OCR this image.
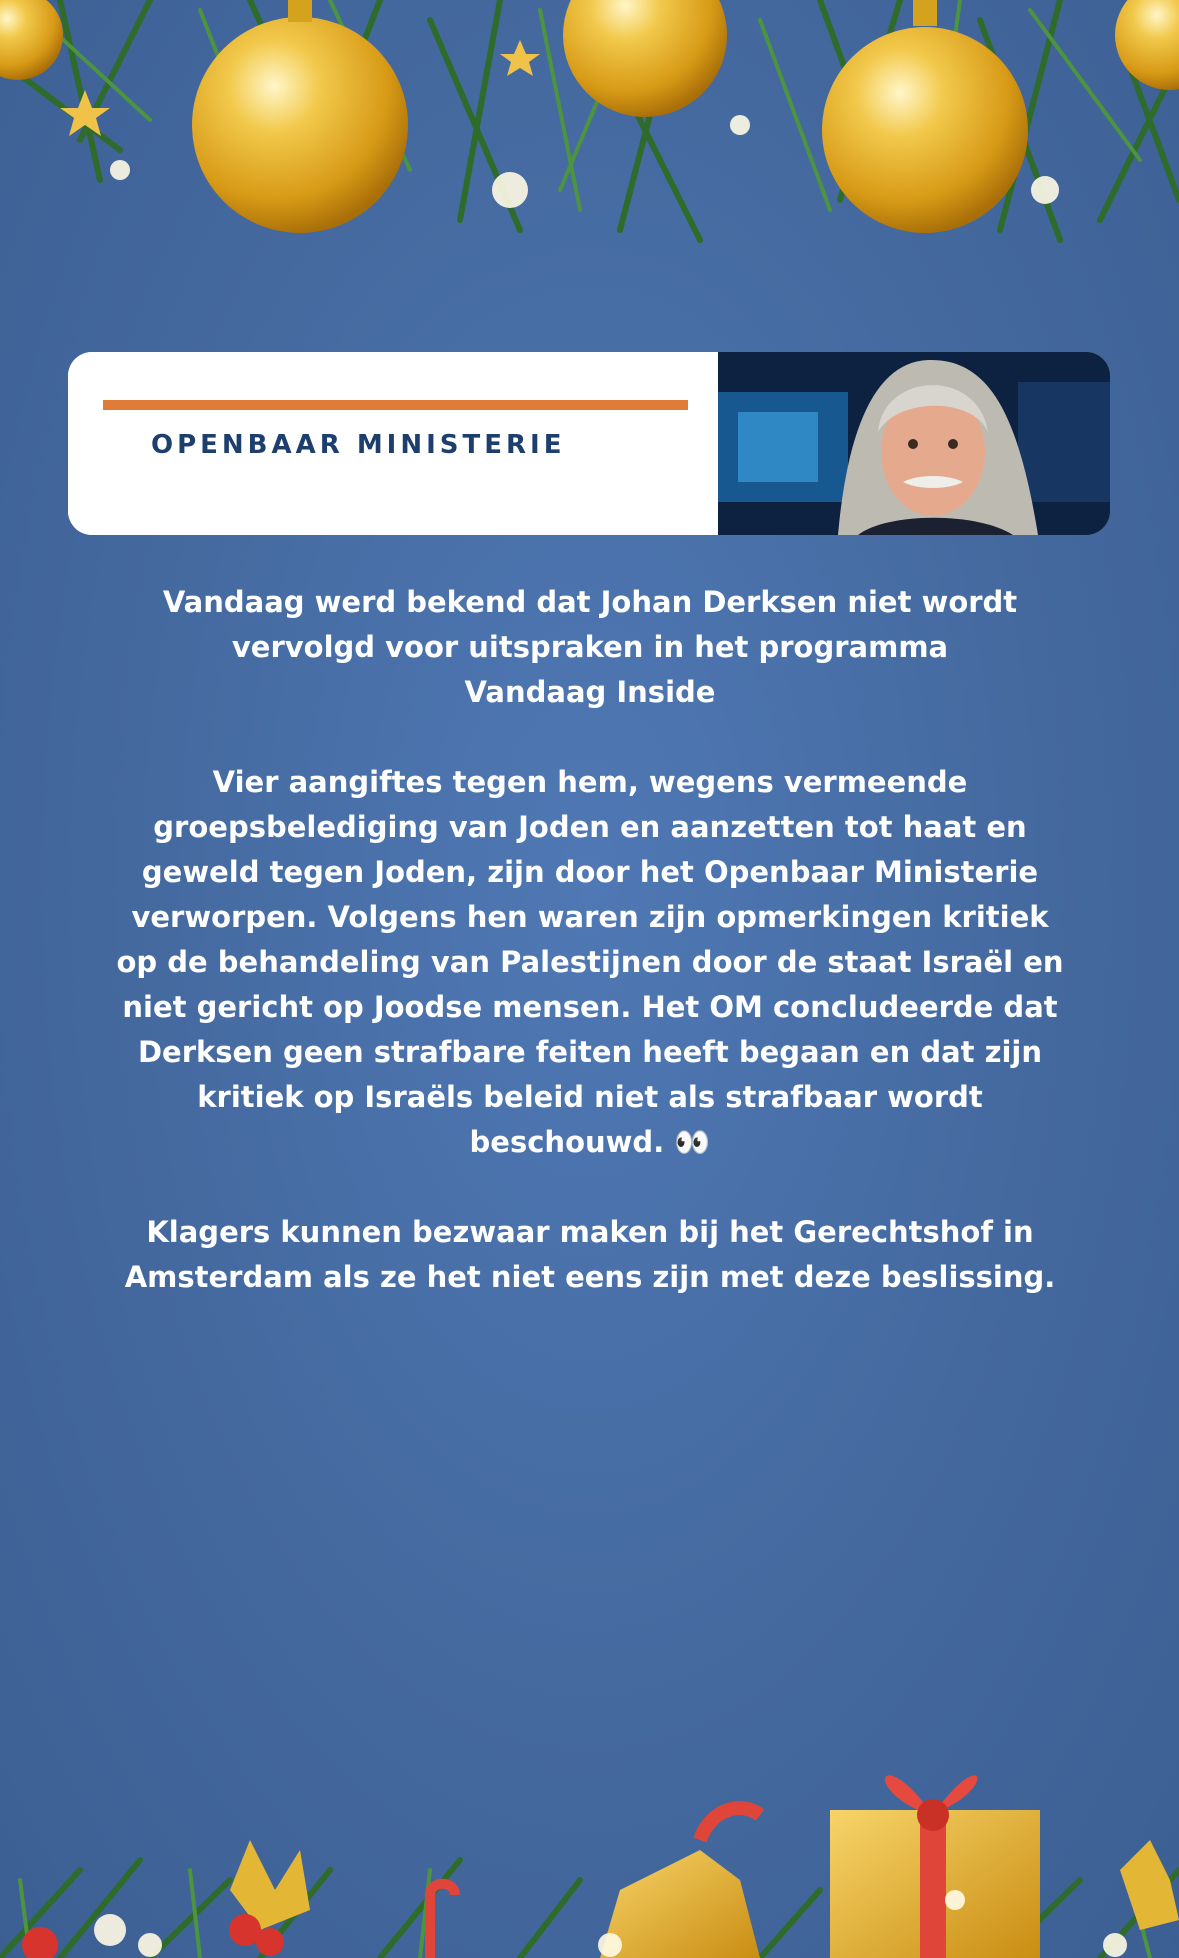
OPENBAAR MINISTERIE

Vandaag werd bekend dat Johan Derksen niet wordt
vervolgd voor uitspraken in het programma
Vandaag Inside

Vier aangiftes tegen hem, wegens vermeende
groepsbelediging van Joden en aanzetten tot haat en
geweld tegen Joden, zijn door het Openbaar Ministerie
verworpen. Volgens hen waren zijn opmerkingen kritiek
op de behandeling van Palestijnen door de staat Israël en
niet gericht op Joodse mensen. Het OM concludeerde dat
Derksen geen strafbare feiten heeft begaan en dat zijn
kritiek op Israëls beleid niet als strafbaar wordt
beschouwd. 👀

Klagers kunnen bezwaar maken bij het Gerechtshof in
Amsterdam als ze het niet eens zijn met deze beslissing.
